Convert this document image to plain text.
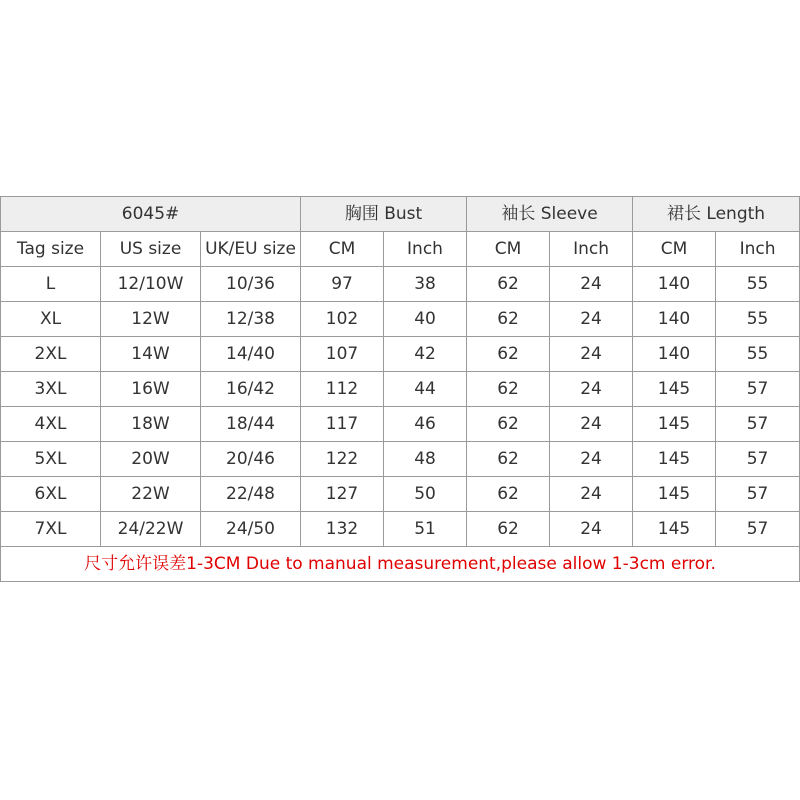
6045#			胸围 Bust		袖长 Sleeve		裙长 Length	
Tag size	US size	UK/EU size	CM	Inch	CM	Inch	CM	Inch
L	12/10W	10/36	97	38	62	24	140	55
XL	12W	12/38	102	40	62	24	140	55
2XL	14W	14/40	107	42	62	24	140	55
3XL	16W	16/42	112	44	62	24	145	57
4XL	18W	18/44	117	46	62	24	145	57
5XL	20W	20/46	122	48	62	24	145	57
6XL	22W	22/48	127	50	62	24	145	57
7XL	24/22W	24/50	132	51	62	24	145	57
尺寸允许误差1-3CM Due to manual measurement,please allow 1-3cm error.								
